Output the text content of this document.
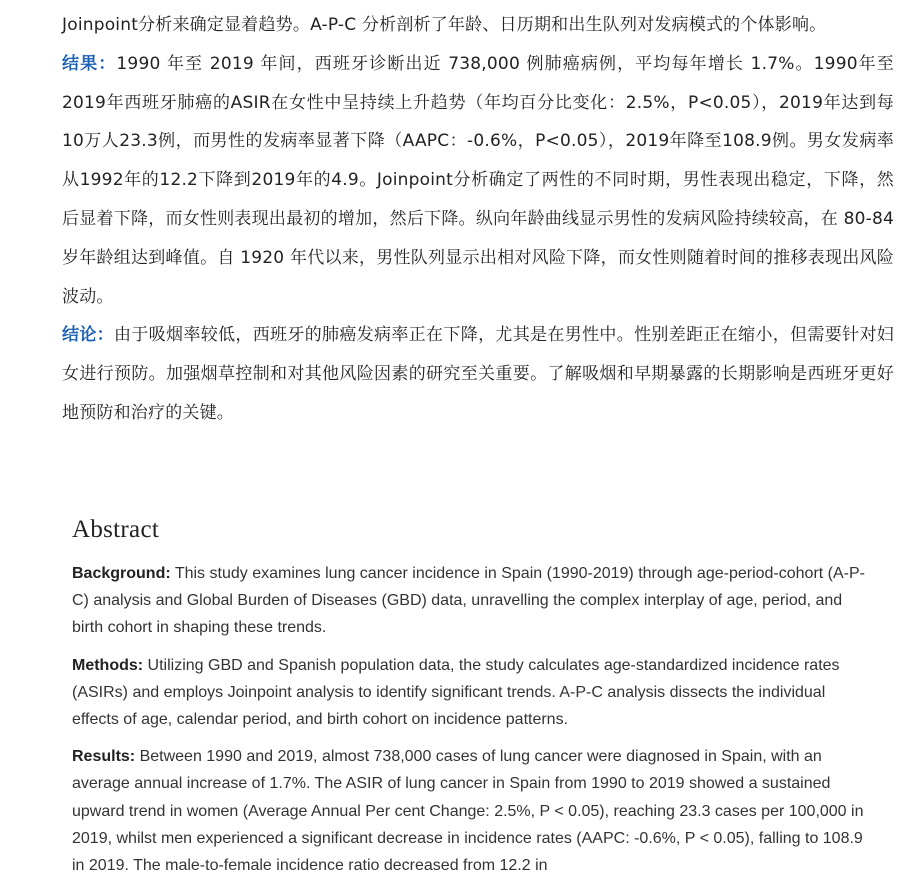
Joinpoint分析来确定显着趋势。A-P-C 分析剖析了年龄、日历期和出生队列对发病模式的个体影响。

结果：1990 年至 2019 年间，西班牙诊断出近 738,000 例肺癌病例，平均每年增长 1.7%。1990年至2019年西班牙肺癌的ASIR在女性中呈持续上升趋势（年均百分比变化：2.5%，P<0.05），2019年达到每10万人23.3例，而男性的发病率显著下降（AAPC：-0.6%，P<0.05），2019年降至108.9例。男女发病率从1992年的12.2下降到2019年的4.9。Joinpoint分析确定了两性的不同时期，男性表现出稳定，下降，然后显着下降，而女性则表现出最初的增加，然后下降。纵向年龄曲线显示男性的发病风险持续较高，在 80-84 岁年龄组达到峰值。自 1920 年代以来，男性队列显示出相对风险下降，而女性则随着时间的推移表现出风险波动。

结论：由于吸烟率较低，西班牙的肺癌发病率正在下降，尤其是在男性中。性别差距正在缩小，但需要针对妇女进行预防。加强烟草控制和对其他风险因素的研究至关重要。了解吸烟和早期暴露的长期影响是西班牙更好地预防和治疗的关键。

Abstract

Background: This study examines lung cancer incidence in Spain (1990-2019) through age-period-cohort (A-P-C) analysis and Global Burden of Diseases (GBD) data, unravelling the complex interplay of age, period, and birth cohort in shaping these trends.

Methods: Utilizing GBD and Spanish population data, the study calculates age-standardized incidence rates (ASIRs) and employs Joinpoint analysis to identify significant trends. A-P-C analysis dissects the individual effects of age, calendar period, and birth cohort on incidence patterns.

Results: Between 1990 and 2019, almost 738,000 cases of lung cancer were diagnosed in Spain, with an average annual increase of 1.7%. The ASIR of lung cancer in Spain from 1990 to 2019 showed a sustained upward trend in women (Average Annual Per cent Change: 2.5%, P < 0.05), reaching 23.3 cases per 100,000 in 2019, whilst men experienced a significant decrease in incidence rates (AAPC: -0.6%, P < 0.05), falling to 108.9 in 2019. The male-to-female incidence ratio decreased from 12.2 in
